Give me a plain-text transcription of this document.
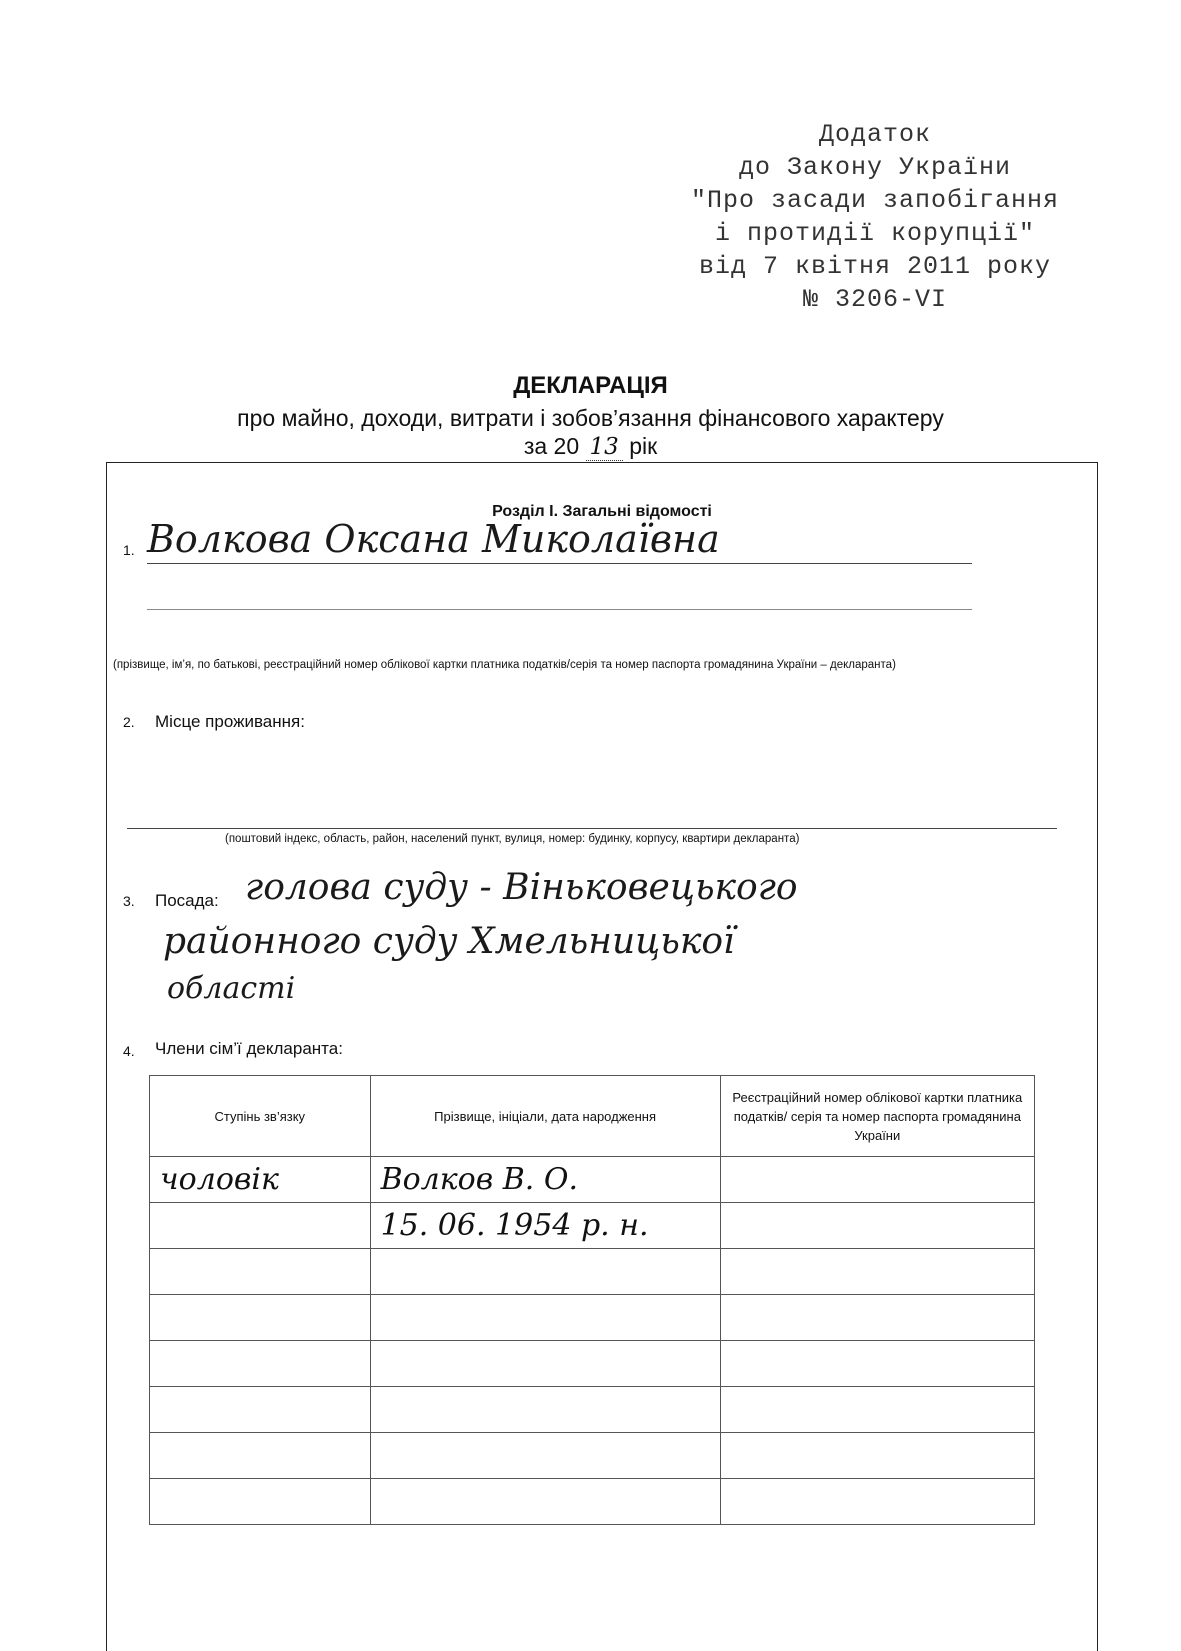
Додаток
до Закону України
"Про засади запобігання
і протидії корупції"
від 7 квітня 2011 року
№ 3206-VI
ДЕКЛАРАЦІЯ
про майно, доходи, витрати і зобов’язання фінансового характеру
за 20 13 рік
Розділ І. Загальні відомості
1. Волкова Оксана Миколаївна
(прізвище, ім’я, по батькові, реєстраційний номер облікової картки платника податків/серія та номер паспорта громадянина України – декларанта)
2. Місце проживання:
(поштовий індекс, область, район, населений пункт, вулиця, номер: будинку, корпусу, квартири декларанта)
3. Посада: голова суду - Віньковецького
районного суду Хмельницької
області
4. Члени сім’ї декларанта:
Ступінь зв’язку	Прізвище, ініціали, дата народження	Реєстраційний номер облікової картки платника податків/ серія та номер паспорта громадянина України
чоловік	Волков В. О.	
	15. 06. 1954 р. н.	
